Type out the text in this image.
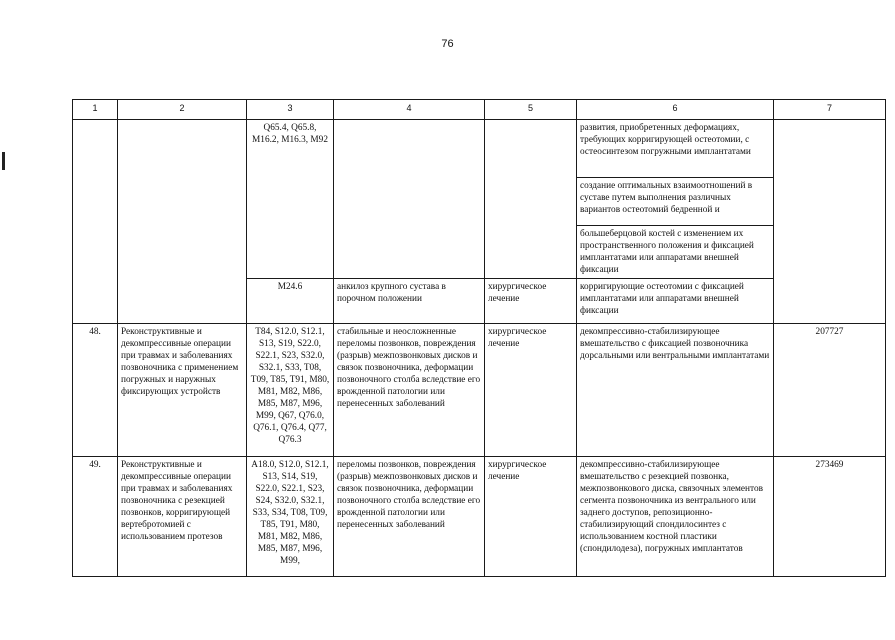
76
1	2	3	4	5	6	7
		Q65.4, Q65.8, M16.2, M16.3, M92			развития, приобретенных деформациях, требующих корригирующей остеотомии, с остеосинтезом погружными имплантатами	
					создание оптимальных взаимоотношений в суставе путем выполнения различных вариантов остеотомий бедренной и	
					большеберцовой костей с изменением их пространственного положения и фиксацией имплантатами или аппаратами внешней фиксации	
		M24.6	анкилоз крупного сустава в порочном положении	хирургическое лечение	корригирующие остеотомии с фиксацией имплантатами или аппаратами внешней фиксации	
48.	Реконструктивные и декомпрессивные операции при травмах и заболеваниях позвоночника с применением погружных и наружных фиксирующих устройств	T84, S12.0, S12.1, S13, S19, S22.0, S22.1, S23, S32.0, S32.1, S33, T08, T09, T85, T91, M80, M81, M82, M86, M85, M87, M96, M99, Q67, Q76.0, Q76.1, Q76.4, Q77, Q76.3	стабильные и неосложненные переломы позвонков, повреждения (разрыв) межпозвонковых дисков и связок позвоночника, деформации позвоночного столба вследствие его врожденной патологии или перенесенных заболеваний	хирургическое лечение	декомпрессивно-стабилизирующее вмешательство с фиксацией позвоночника дорсальными или вентральными имплантатами	207727
49.	Реконструктивные и декомпрессивные операции при травмах и заболеваниях позвоночника с резекцией позвонков, корригирующей вертебротомией с использованием протезов	A18.0, S12.0, S12.1, S13, S14, S19, S22.0, S22.1, S23, S24, S32.0, S32.1, S33, S34, T08, T09, T85, T91, M80, M81, M82, M86, M85, M87, M96, M99,	переломы позвонков, повреждения (разрыв) межпозвонковых дисков и связок позвоночника, деформации позвоночного столба вследствие его врожденной патологии или перенесенных заболеваний	хирургическое лечение	декомпрессивно-стабилизирующее вмешательство с резекцией позвонка, межпозвонкового диска, связочных элементов сегмента позвоночника из вентрального или заднего доступов, репозиционно-стабилизирующий спондилосинтез с использованием костной пластики (спондилодеза), погружных имплантатов	273469
